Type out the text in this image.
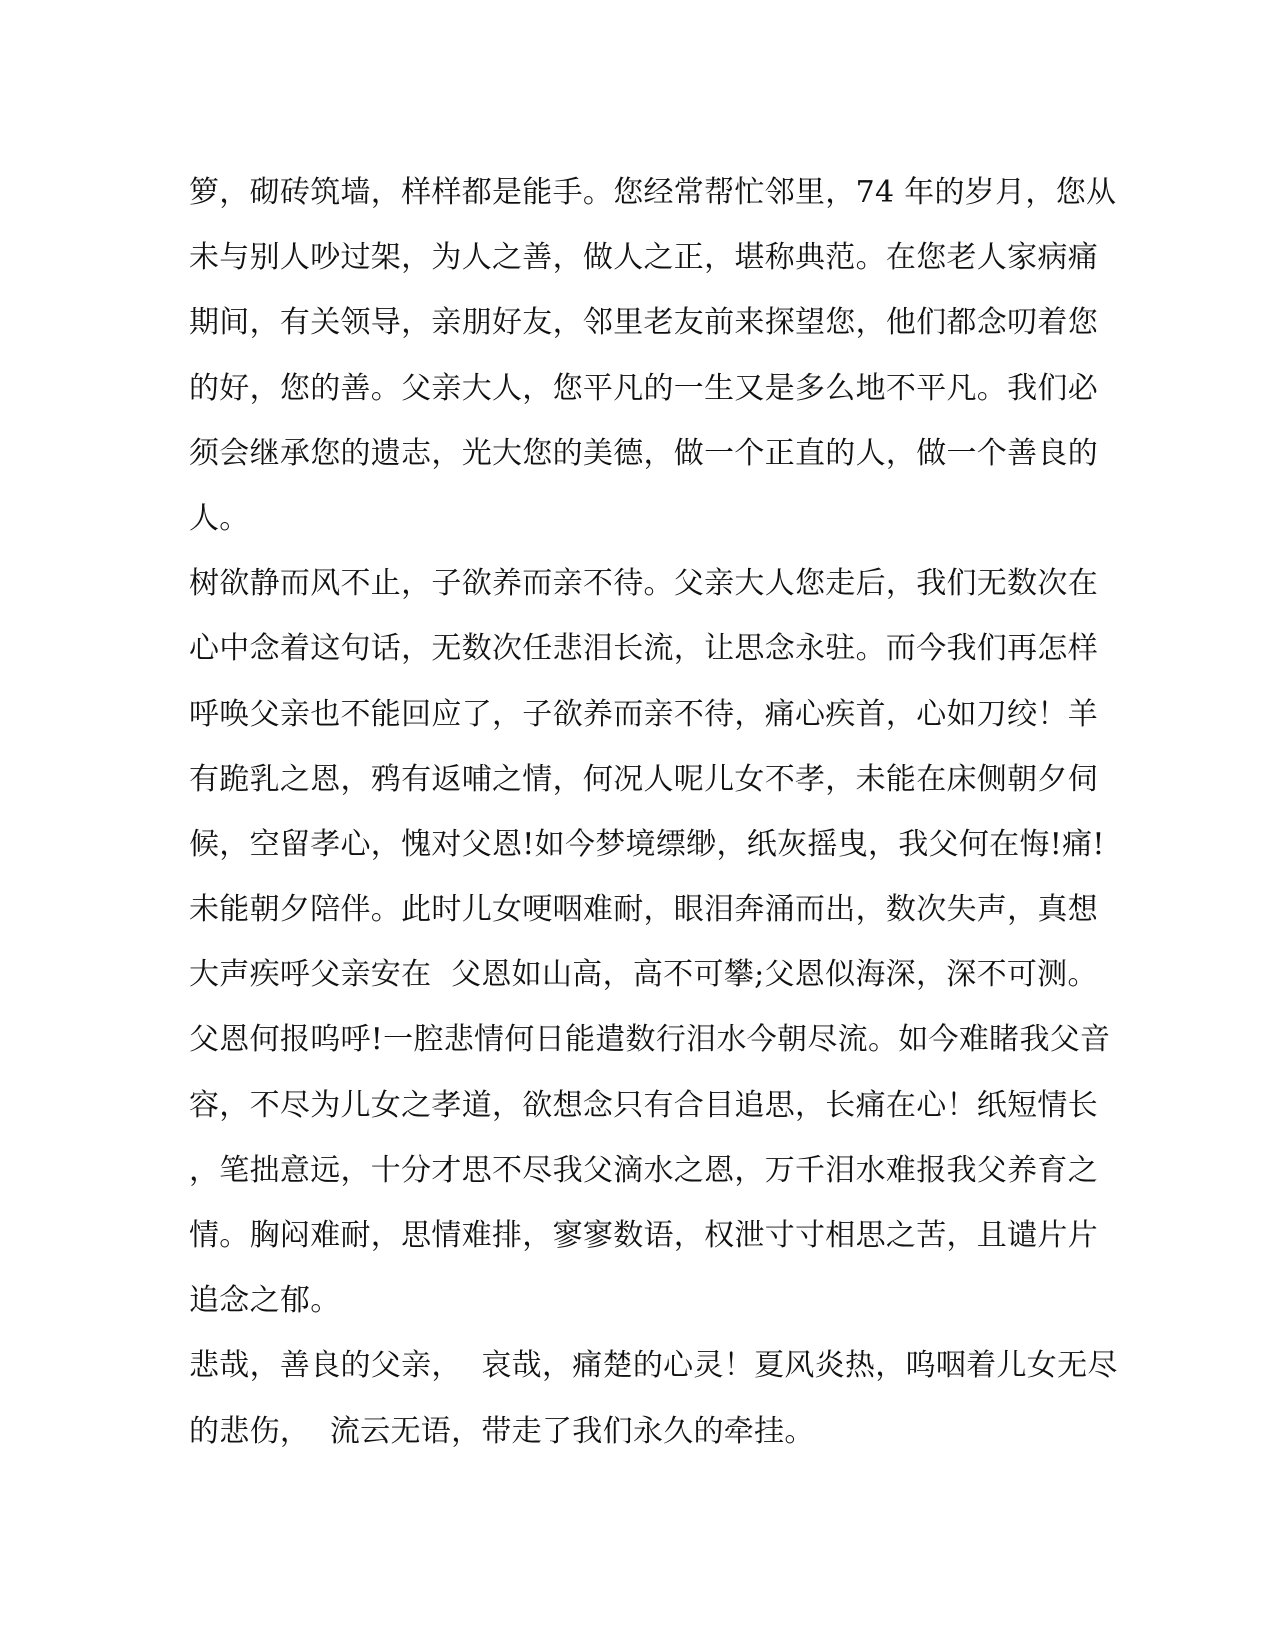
箩，砌砖筑墙，样样都是能手。您经常帮忙邻里，74 年的岁月，您从
未与别人吵过架，为人之善，做人之正，堪称典范。在您老人家病痛
期间，有关领导，亲朋好友，邻里老友前来探望您，他们都念叨着您
的好，您的善。父亲大人，您平凡的一生又是多么地不平凡。我们必
须会继承您的遗志，光大您的美德，做一个正直的人，做一个善良的
人。
树欲静而风不止，子欲养而亲不待。父亲大人您走后，我们无数次在
心中念着这句话，无数次任悲泪长流，让思念永驻。而今我们再怎样
呼唤父亲也不能回应了，子欲养而亲不待，痛心疾首，心如刀绞！羊
有跪乳之恩，鸦有返哺之情，何况人呢儿女不孝，未能在床侧朝夕伺
候，空留孝心，愧对父恩!如今梦境缥缈，纸灰摇曳，我父何在悔!痛!
未能朝夕陪伴。此时儿女哽咽难耐，眼泪奔涌而出，数次失声，真想
大声疾呼父亲安在  父恩如山高，高不可攀;父恩似海深，深不可测。
父恩何报呜呼!一腔悲情何日能遣数行泪水今朝尽流。如今难睹我父音
容，不尽为儿女之孝道，欲想念只有合目追思，长痛在心！纸短情长
，笔拙意远，十分才思不尽我父滴水之恩，万千泪水难报我父养育之
情。胸闷难耐，思情难排，寥寥数语，权泄寸寸相思之苦，且谴片片
追念之郁。
悲哉，善良的父亲，  哀哉，痛楚的心灵！夏风炎热，呜咽着儿女无尽
的悲伤，  流云无语，带走了我们永久的牵挂。
